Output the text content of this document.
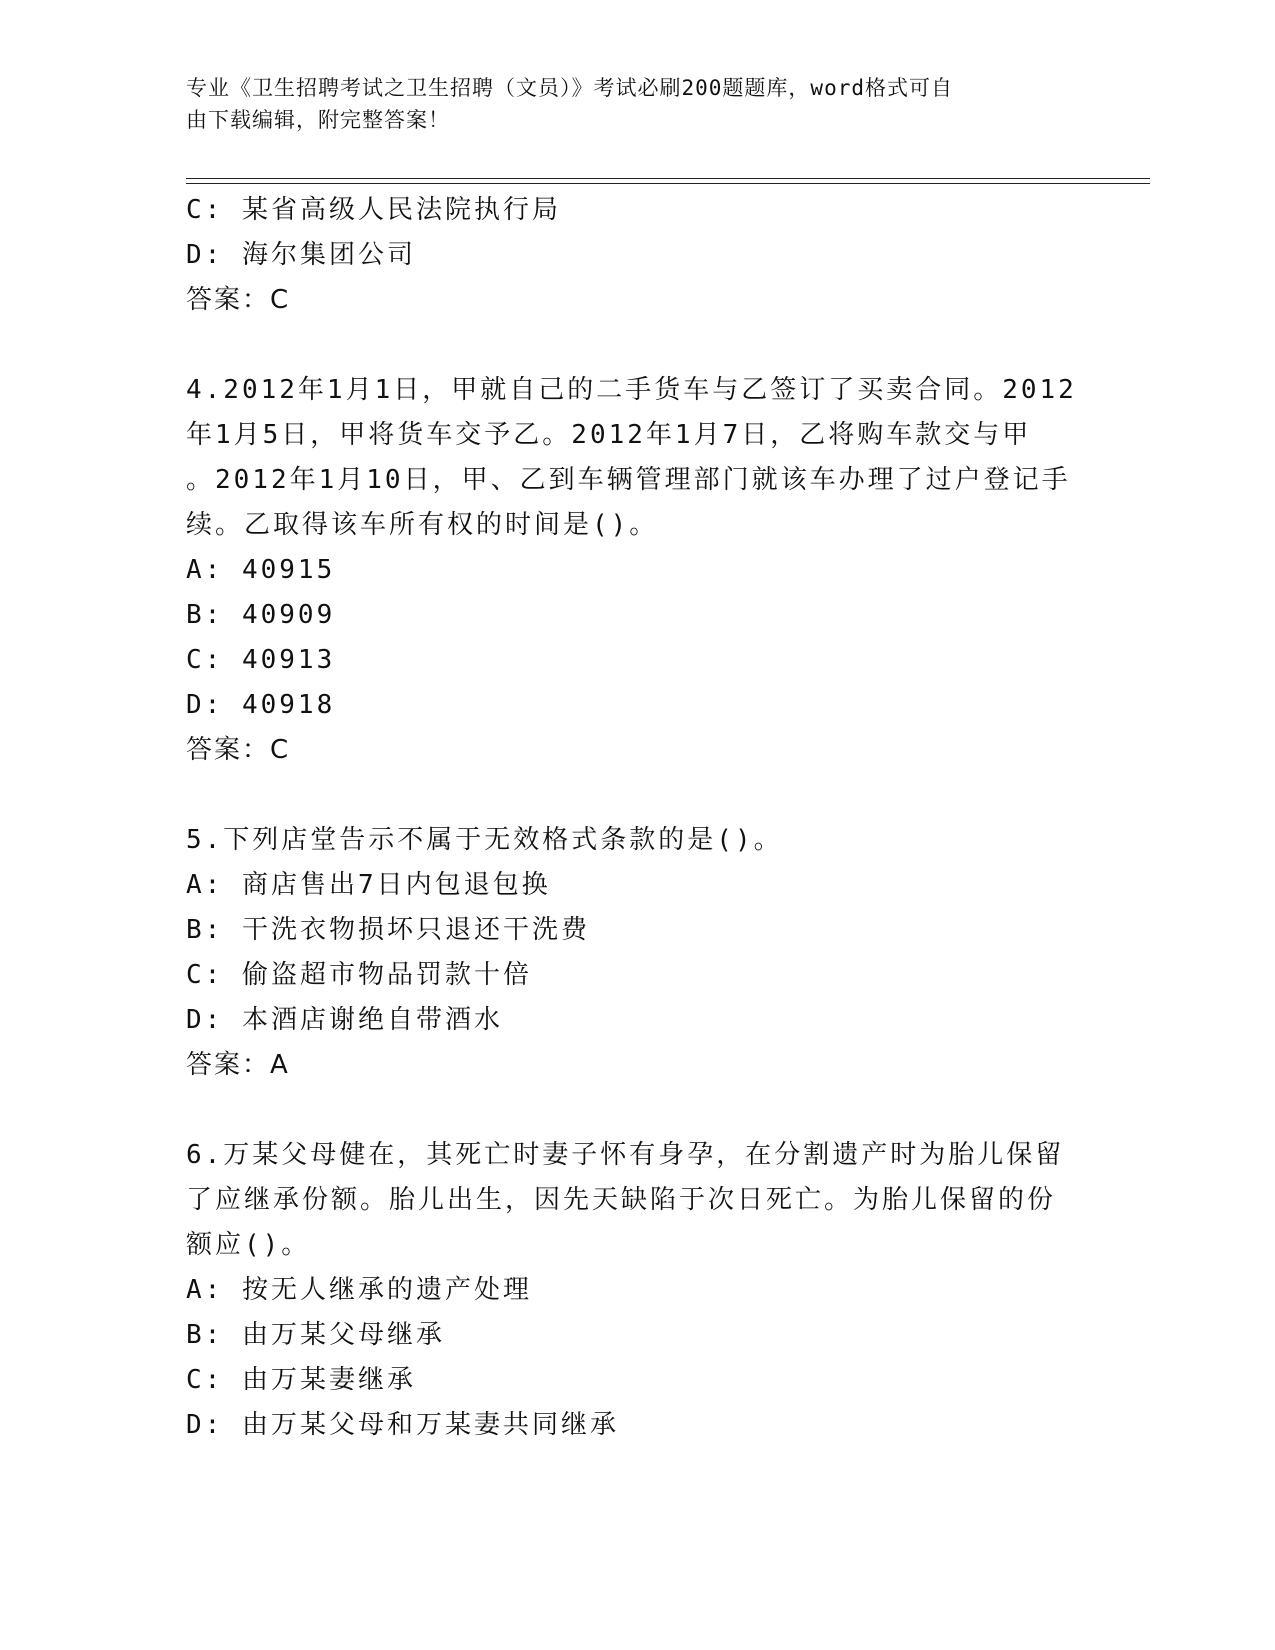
专业《卫生招聘考试之卫生招聘（文员）》考试必刷200题题库，word格式可自
由下载编辑，附完整答案！
C: 某省高级人民法院执行局
D: 海尔集团公司
答案：C
4.2012年1月1日，甲就自己的二手货车与乙签订了买卖合同。2012
年1月5日，甲将货车交予乙。2012年1月7日，乙将购车款交与甲
。2012年1月10日，甲、乙到车辆管理部门就该车办理了过户登记手
续。乙取得该车所有权的时间是()。
A: 40915
B: 40909
C: 40913
D: 40918
答案：C
5.下列店堂告示不属于无效格式条款的是()。
A: 商店售出7日内包退包换
B: 干洗衣物损坏只退还干洗费
C: 偷盗超市物品罚款十倍
D: 本酒店谢绝自带酒水
答案：A
6.万某父母健在，其死亡时妻子怀有身孕，在分割遗产时为胎儿保留
了应继承份额。胎儿出生，因先天缺陷于次日死亡。为胎儿保留的份
额应()。
A: 按无人继承的遗产处理
B: 由万某父母继承
C: 由万某妻继承
D: 由万某父母和万某妻共同继承
